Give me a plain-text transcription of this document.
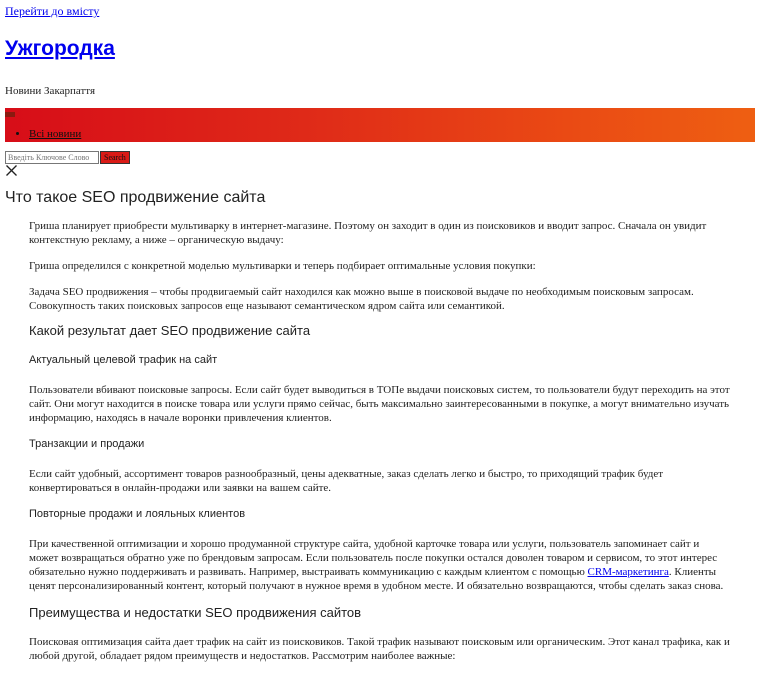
Перейти до вмісту
Ужгородка

Новини Закарпаття

• Всі новини
Введіть Ключове Слово
Search
Что такое SEO продвижение сайта

Гриша планирует приобрести мультиварку в интернет-магазине. Поэтому он заходит в один из поисковиков и вводит запрос. Сначала он увидит контекстную рекламу, а ниже – органическую выдачу:

Гриша определился с конкретной моделью мультиварки и теперь подбирает оптимальные условия покупки:

Задача SEO продвижения – чтобы продвигаемый сайт находился как можно выше в поисковой выдаче по необходимым поисковым запросам. Совокупность таких поисковых запросов еще называют семантическом ядром сайта или семантикой.

Какой результат дает SEO продвижение сайта
Актуальный целевой трафик на сайт

Пользователи вбивают поисковые запросы. Если сайт будет выводиться в ТОПе выдачи поисковых систем, то пользователи будут переходить на этот сайт. Они могут находится в поиске товара или услуги прямо сейчас, быть максимально заинтересованными в покупке, а могут внимательно изучать информацию, находясь в начале воронки привлечения клиентов.

Транзакции и продажи

Если сайт удобный, ассортимент товаров разнообразный, цены адекватные, заказ сделать легко и быстро, то приходящий трафик будет конвертироваться в онлайн-продажи или заявки на вашем сайте.

Повторные продажи и лояльных клиентов

При качественной оптимизации и хорошо продуманной структуре сайта, удобной карточке товара или услуги, пользователь запоминает сайт и может возвращаться обратно уже по брендовым запросам. Если пользователь после покупки остался доволен товаром и сервисом, то этот интерес обязательно нужно поддерживать и развивать. Например, выстраивать коммуникацию с каждым клиентом с помощью CRM-маркетинга. Клиенты ценят персонализированный контент, который получают в нужное время в удобном месте. И обязательно возвращаются, чтобы сделать заказ снова.

Преимущества и недостатки SEO продвижения сайтов

Поисковая оптимизация сайта дает трафик на сайт из поисковиков. Такой трафик называют поисковым или органическим. Этот канал трафика, как и любой другой, обладает рядом преимуществ и недостатков. Рассмотрим наиболее важные:
